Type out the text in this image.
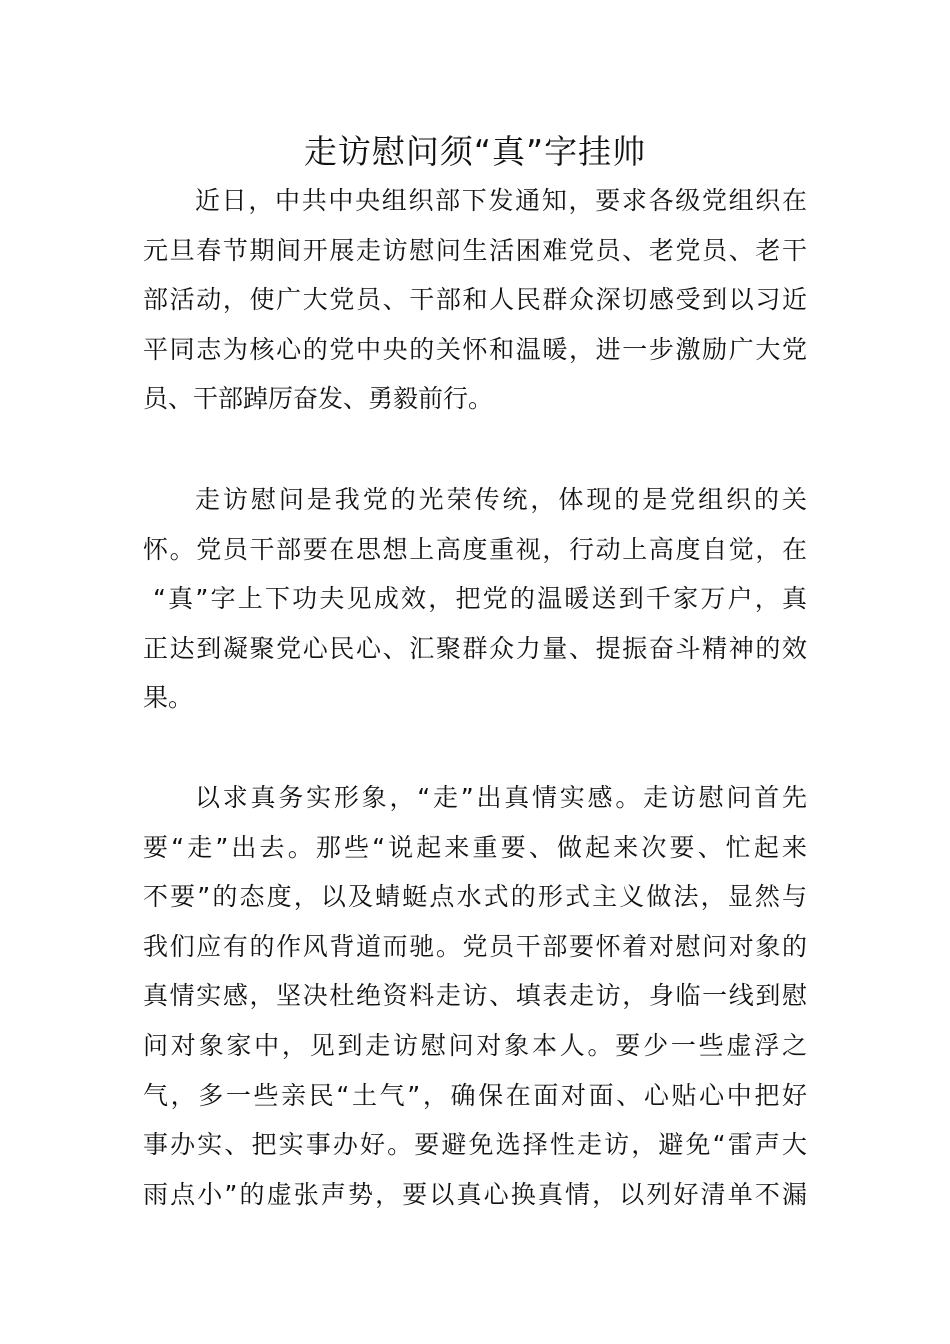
走访慰问须“真”字挂帅
近日，中共中央组织部下发通知，要求各级党组织在
元旦春节期间开展走访慰问生活困难党员、老党员、老干
部活动，使广大党员、干部和人民群众深切感受到以习近
平同志为核心的党中央的关怀和温暖，进一步激励广大党
员、干部踔厉奋发、勇毅前行。
走访慰问是我党的光荣传统，体现的是党组织的关
怀。党员干部要在思想上高度重视，行动上高度自觉，在
“真”字上下功夫见成效，把党的温暖送到千家万户，真
正达到凝聚党心民心、汇聚群众力量、提振奋斗精神的效
果。
以求真务实形象，“走”出真情实感。走访慰问首先
要“走”出去。那些“说起来重要、做起来次要、忙起来
不要”的态度，以及蜻蜓点水式的形式主义做法，显然与
我们应有的作风背道而驰。党员干部要怀着对慰问对象的
真情实感，坚决杜绝资料走访、填表走访，身临一线到慰
问对象家中，见到走访慰问对象本人。要少一些虚浮之
气，多一些亲民“土气”，确保在面对面、心贴心中把好
事办实、把实事办好。要避免选择性走访，避免“雷声大
雨点小”的虚张声势，要以真心换真情，以列好清单不漏
